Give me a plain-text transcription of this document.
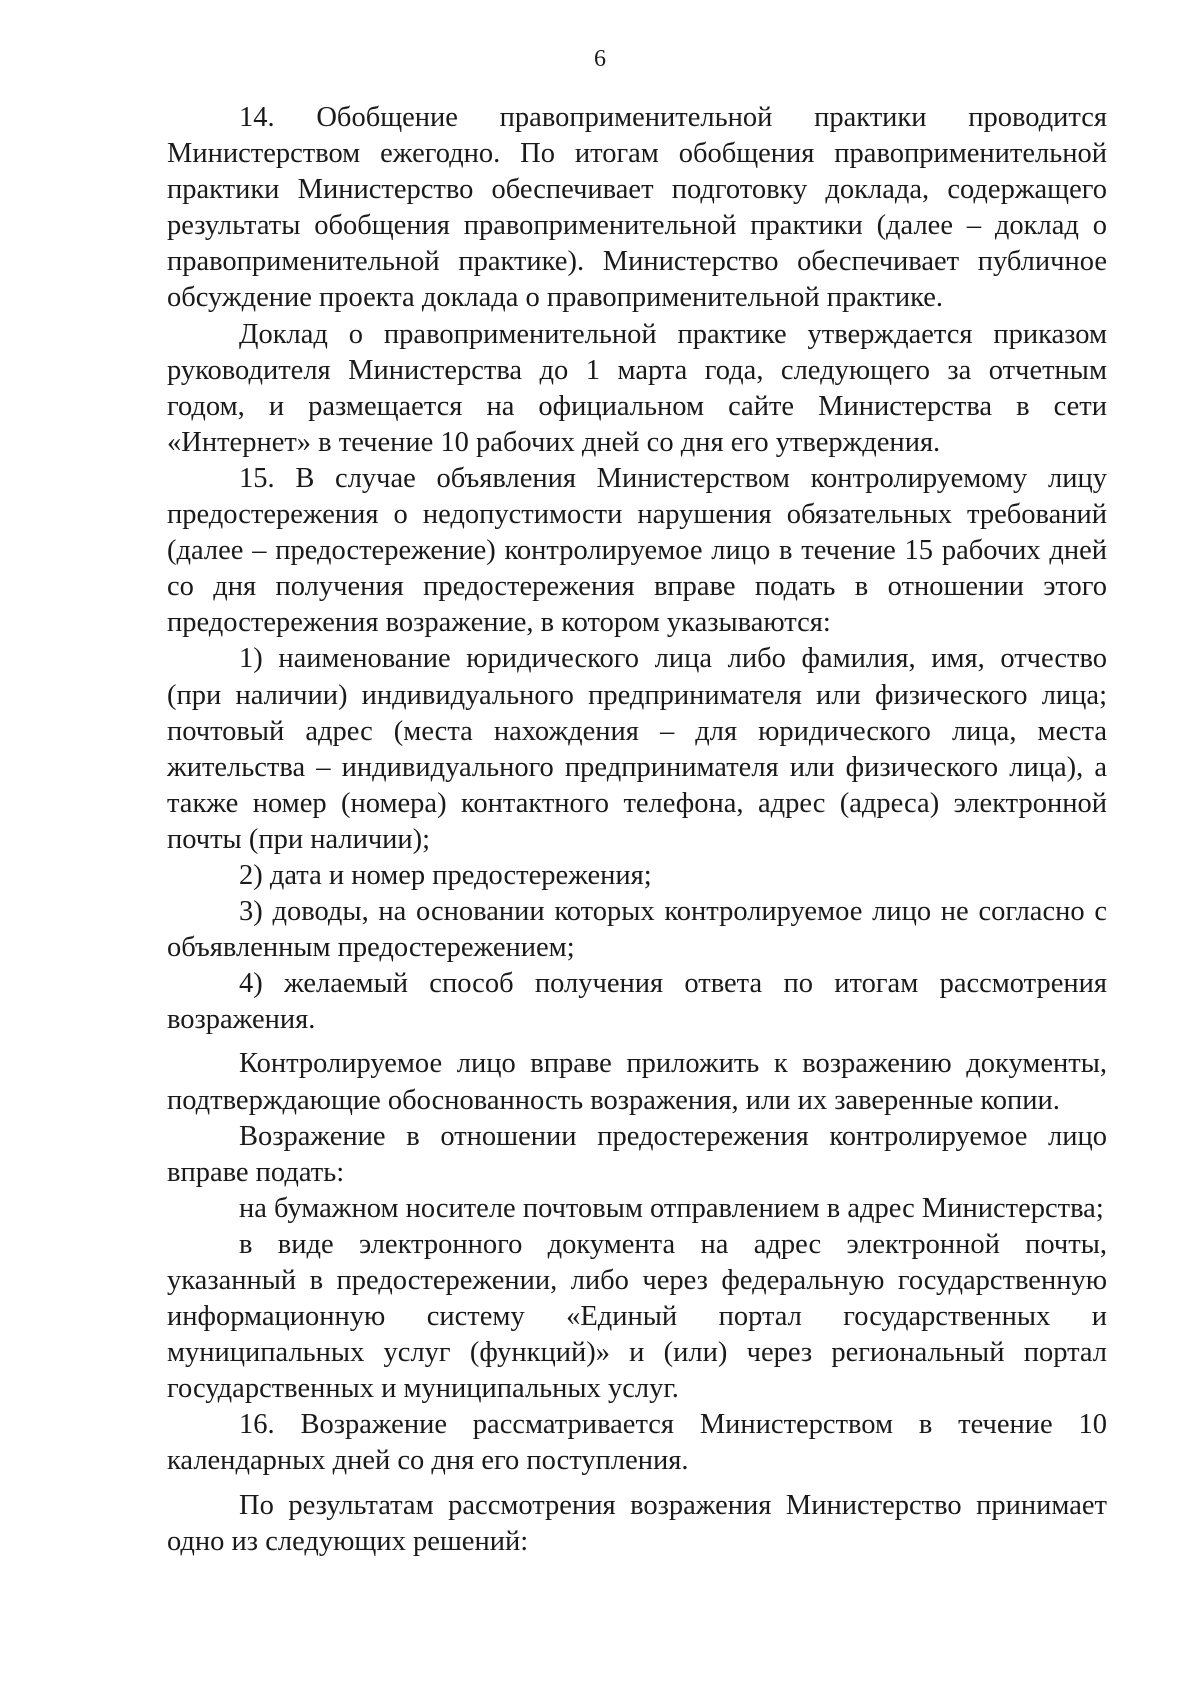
6

14. Обобщение правоприменительной практики проводится Министерством ежегодно. По итогам обобщения правоприменительной практики Министерство обеспечивает подготовку доклада, содержащего результаты обобщения правоприменительной практики (далее – доклад о правоприменительной практике). Министерство обеспечивает публичное обсуждение проекта доклада о правоприменительной практике.

Доклад о правоприменительной практике утверждается приказом руководителя Министерства до 1 марта года, следующего за отчетным годом, и размещается на официальном сайте Министерства в сети «Интернет» в течение 10 рабочих дней со дня его утверждения.

15. В случае объявления Министерством контролируемому лицу предостережения о недопустимости нарушения обязательных требований (далее – предостережение) контролируемое лицо в течение 15 рабочих дней со дня получения предостережения вправе подать в отношении этого предостережения возражение, в котором указываются:

1) наименование юридического лица либо фамилия, имя, отчество (при наличии) индивидуального предпринимателя или физического лица; почтовый адрес (места нахождения – для юридического лица, места жительства – индивидуального предпринимателя или физического лица), а также номер (номера) контактного телефона, адрес (адреса) электронной почты (при наличии);

2) дата и номер предостережения;

3) доводы, на основании которых контролируемое лицо не согласно с объявленным предостережением;

4) желаемый способ получения ответа по итогам рассмотрения возражения.

Контролируемое лицо вправе приложить к возражению документы, подтверждающие обоснованность возражения, или их заверенные копии.

Возражение в отношении предостережения контролируемое лицо вправе подать:

на бумажном носителе почтовым отправлением в адрес Министерства;

в виде электронного документа на адрес электронной почты, указанный в предостережении, либо через федеральную государственную информационную систему «Единый портал государственных и муниципальных услуг (функций)» и (или) через региональный портал государственных и муниципальных услуг.

16. Возражение рассматривается Министерством в течение 10 календарных дней со дня его поступления.

По результатам рассмотрения возражения Министерство принимает одно из следующих решений:
